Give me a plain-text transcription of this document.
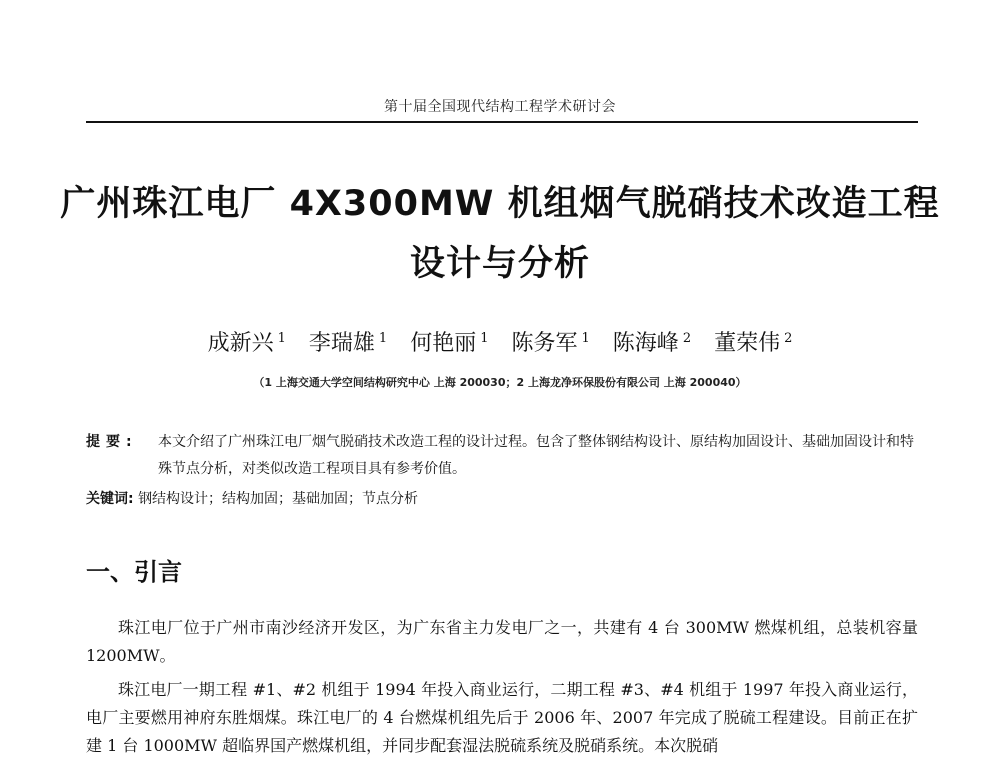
第十届全国现代结构工程学术研讨会
广州珠江电厂 4X300MW 机组烟气脱硝技术改造工程
设计与分析
成新兴 $^1$ 李瑞雄 $^1$ 何艳丽 $^1$ 陈务军 $^1$ 陈海峰 $^2$ 董荣伟 $^2$
（1 上海交通大学空间结构研究中心 上海 200030；2 上海龙净环保股份有限公司 上海 200040）
提要: 本文介绍了广州珠江电厂烟气脱硝技术改造工程的设计过程。包含了整体钢结构设计、原结构加固设计、基础加固设计和特殊节点分析，对类似改造工程项目具有参考价值。
关键词: 钢结构设计；结构加固；基础加固；节点分析
一、引言

珠江电厂位于广州市南沙经济开发区，为广东省主力发电厂之一，共建有 4 台 300MW 燃煤机组，总装机容量 1200MW。

珠江电厂一期工程 #1、#2 机组于 1994 年投入商业运行，二期工程 #3、#4 机组于 1997 年投入商业运行，电厂主要燃用神府东胜烟煤。珠江电厂的 4 台燃煤机组先后于 2006 年、2007 年完成了脱硫工程建设。目前正在扩建 1 台 1000MW 超临界国产燃煤机组，并同步配套湿法脱硫系统及脱硝系统。本次脱硝
